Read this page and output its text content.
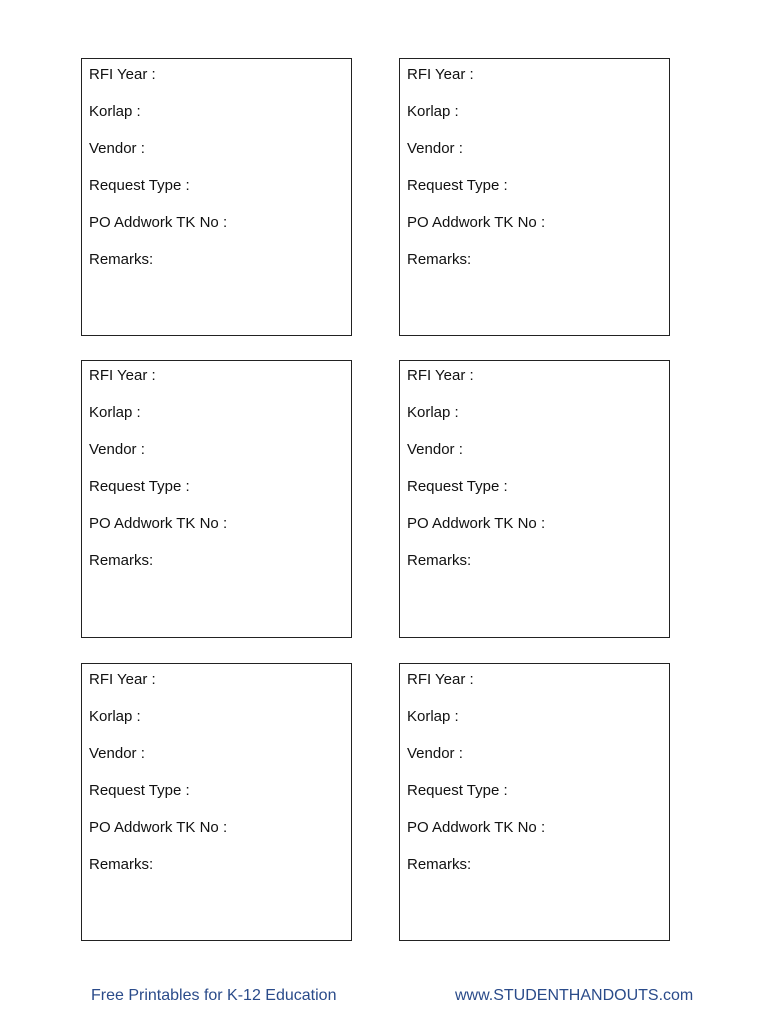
RFI Year :
Korlap :
Vendor :
Request Type :
PO Addwork TK No :
Remarks:
RFI Year :
Korlap :
Vendor :
Request Type :
PO Addwork TK No :
Remarks:
RFI Year :
Korlap :
Vendor :
Request Type :
PO Addwork TK No :
Remarks:
RFI Year :
Korlap :
Vendor :
Request Type :
PO Addwork TK No :
Remarks:
RFI Year :
Korlap :
Vendor :
Request Type :
PO Addwork TK No :
Remarks:
RFI Year :
Korlap :
Vendor :
Request Type :
PO Addwork TK No :
Remarks:
Free Printables for K-12 Education	www.STUDENTHANDOUTS.com
